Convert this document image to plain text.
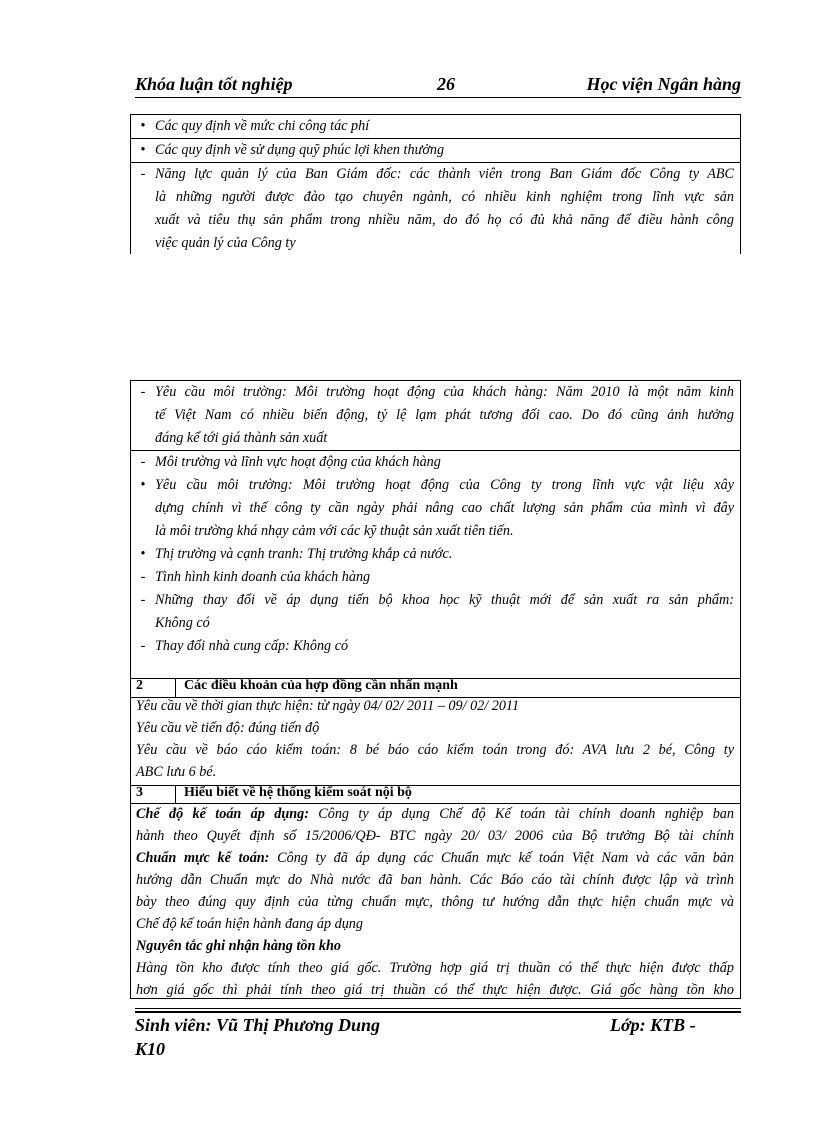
Khóa luận tốt nghiệp	26	Học viện Ngân hàng
• Các quy định về mức chi công tác phí
• Các quy định về sử dụng quỹ phúc lợi khen thưởng
- Năng lực quản lý của Ban Giám đốc: các thành viên trong Ban Giám đốc Công ty ABC
là những người được đào tạo chuyên ngành, có nhiều kinh nghiệm trong lĩnh vực sản
xuất và tiêu thụ sản phẩm trong nhiều năm, do đó họ có đủ khả năng để điều hành công
việc quản lý của Công ty
- Yêu cầu môi trường: Môi trường hoạt động của khách hàng: Năm 2010 là một năm kinh
tế Việt Nam có nhiều biến động, tỷ lệ lạm phát tương đối cao. Do đó cũng ảnh hưởng
đáng kể tới giá thành sản xuất
- Môi trường và lĩnh vực hoạt động của khách hàng
• Yêu cầu môi trường: Môi trường hoạt động của Công ty trong lĩnh vực vật liệu xây
dựng chính vì thế công ty cần ngày phải nâng cao chất lượng sản phẩm của mình vì đây
là môi trường khá nhạy cảm với các kỹ thuật sản xuất tiên tiến.
• Thị trường và cạnh tranh: Thị trường khắp cả nước.
- Tình hình kinh doanh của khách hàng
- Những thay đổi về áp dụng tiến bộ khoa học kỹ thuật mới để sản xuất ra sản phẩm:
Không có
- Thay đổi nhà cung cấp: Không có
2	Các điều khoản của hợp đồng cần nhấn mạnh
Yêu cầu về thời gian thực hiện: từ ngày 04/ 02/ 2011 – 09/ 02/ 2011
Yêu cầu về tiến độ: đúng tiến độ
Yêu cầu về báo cáo kiểm toán: 8 bé báo cáo kiểm toán trong đó: AVA lưu 2 bé, Công ty
ABC lưu 6 bé.
3	Hiểu biết về hệ thống kiểm soát nội bộ
Chế độ kế toán áp dụng: Công ty áp dụng Chế độ Kế toán tài chính doanh nghiệp ban
hành theo Quyết định số 15/2006/QĐ- BTC ngày 20/ 03/ 2006 của Bộ trưởng Bộ tài chính
Chuẩn mực kế toán: Công ty đã áp dụng các Chuẩn mực kế toán Việt Nam và các văn bản
hướng dẫn Chuẩn mực do Nhà nước đã ban hành. Các Báo cáo tài chính được lập và trình
bày theo đúng quy định của từng chuẩn mực, thông tư hướng dẫn thực hiện chuẩn mực và
Chế độ kế toán hiện hành đang áp dụng
Nguyên tắc ghi nhận hàng tồn kho
Hàng tồn kho được tính theo giá gốc. Trường hợp giá trị thuần có thể thực hiện được thấp
hơn giá gốc thì phải tính theo giá trị thuần có thể thực hiện được. Giá gốc hàng tồn kho
Sinh viên: Vũ Thị Phương Dung	Lớp: KTB -
K10
